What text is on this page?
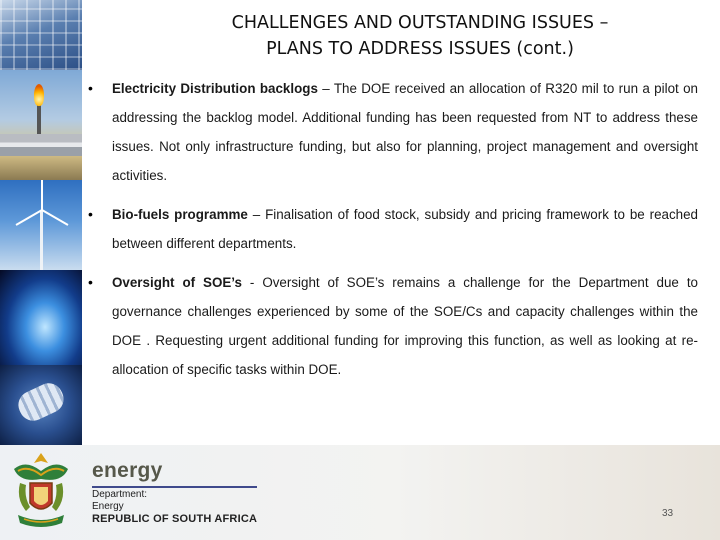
CHALLENGES AND OUTSTANDING ISSUES –
PLANS TO ADDRESS ISSUES (cont.)
• Electricity Distribution backlogs – The DOE received an allocation of R320 mil to run a pilot on addressing the backlog model. Additional funding has been requested from NT to address these issues. Not only infrastructure funding, but also for planning, project management and oversight activities.
• Bio-fuels programme – Finalisation of food stock, subsidy and pricing framework to be reached between different departments.
• Oversight of SOE’s - Oversight of SOE’s remains a challenge for the Department due to governance challenges experienced by some of the SOE/Cs and capacity challenges within the DOE . Requesting urgent additional funding for improving this function, as well as looking at re-allocation of specific tasks within DOE.
energy
Department:
Energy
REPUBLIC OF SOUTH AFRICA	33
